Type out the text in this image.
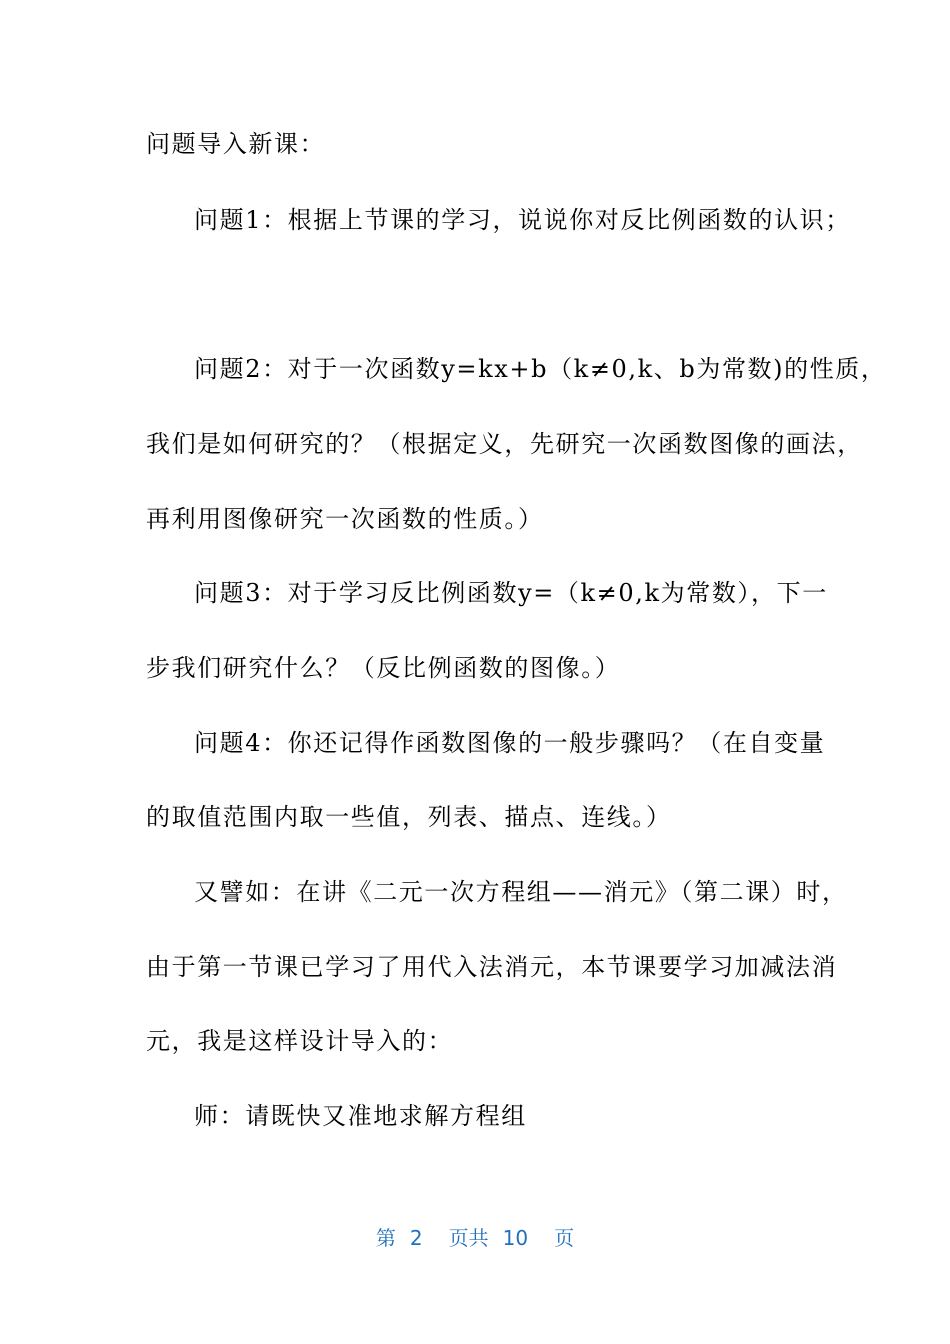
问题导入新课：

问题1：根据上节课的学习，说说你对反比例函数的认识；

问题2：对于一次函数y=kx+b（k≠0,k、b为常数)的性质，

我们是如何研究的？（根据定义，先研究一次函数图像的画法，

再利用图像研究一次函数的性质。）

问题3：对于学习反比例函数y=（k≠0,k为常数），下一

步我们研究什么？（反比例函数的图像。）

问题4：你还记得作函数图像的一般步骤吗？（在自变量

的取值范围内取一些值，列表、描点、连线。）

又譬如：在讲《二元一次方程组——消元》（第二课）时，

由于第一节课已学习了用代入法消元，本节课要学习加减法消

元，我是这样设计导入的：

师：请既快又准地求解方程组

第 2 页共 10 页
